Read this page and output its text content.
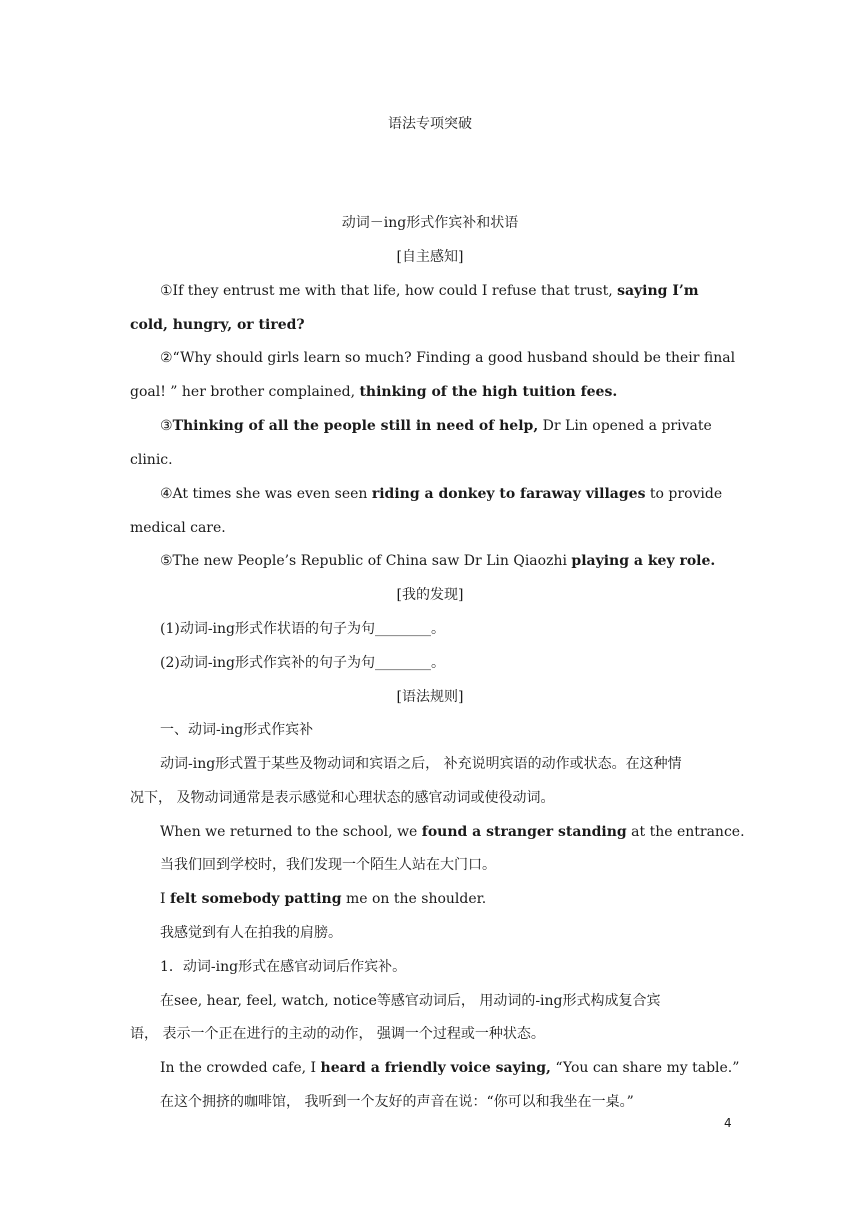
语法专项突破
动词－ing形式作宾补和状语
[自主感知]
①If they entrust me with that life, how could I refuse that trust, saying I’m
cold, hungry, or tired?
②“Why should girls learn so much? Finding a good husband should be their final
goal! ” her brother complained, thinking of the high tuition fees.
③Thinking of all the people still in need of help, Dr Lin opened a private
clinic.
④At times she was even seen riding a donkey to faraway villages to provide
medical care.
⑤The new People’s Republic of China saw Dr Lin Qiaozhi playing a key role.
[我的发现]
(1)动词-ing形式作状语的句子为句________。
(2)动词-ing形式作宾补的句子为句________。
[语法规则]
一、动词-ing形式作宾补
动词-ing形式置于某些及物动词和宾语之后， 补充说明宾语的动作或状态。在这种情
况下， 及物动词通常是表示感觉和心理状态的感官动词或使役动词。
When we returned to the school, we found a stranger standing at the entrance.
当我们回到学校时，我们发现一个陌生人站在大门口。
I felt somebody patting me on the shoulder.
我感觉到有人在拍我的肩膀。
1．动词-ing形式在感官动词后作宾补。
在see, hear, feel, watch, notice等感官动词后， 用动词的-ing形式构成复合宾
语， 表示一个正在进行的主动的动作， 强调一个过程或一种状态。
In the crowded cafe, I heard a friendly voice saying, “You can share my table.”
在这个拥挤的咖啡馆， 我听到一个友好的声音在说：“你可以和我坐在一桌。”
4
